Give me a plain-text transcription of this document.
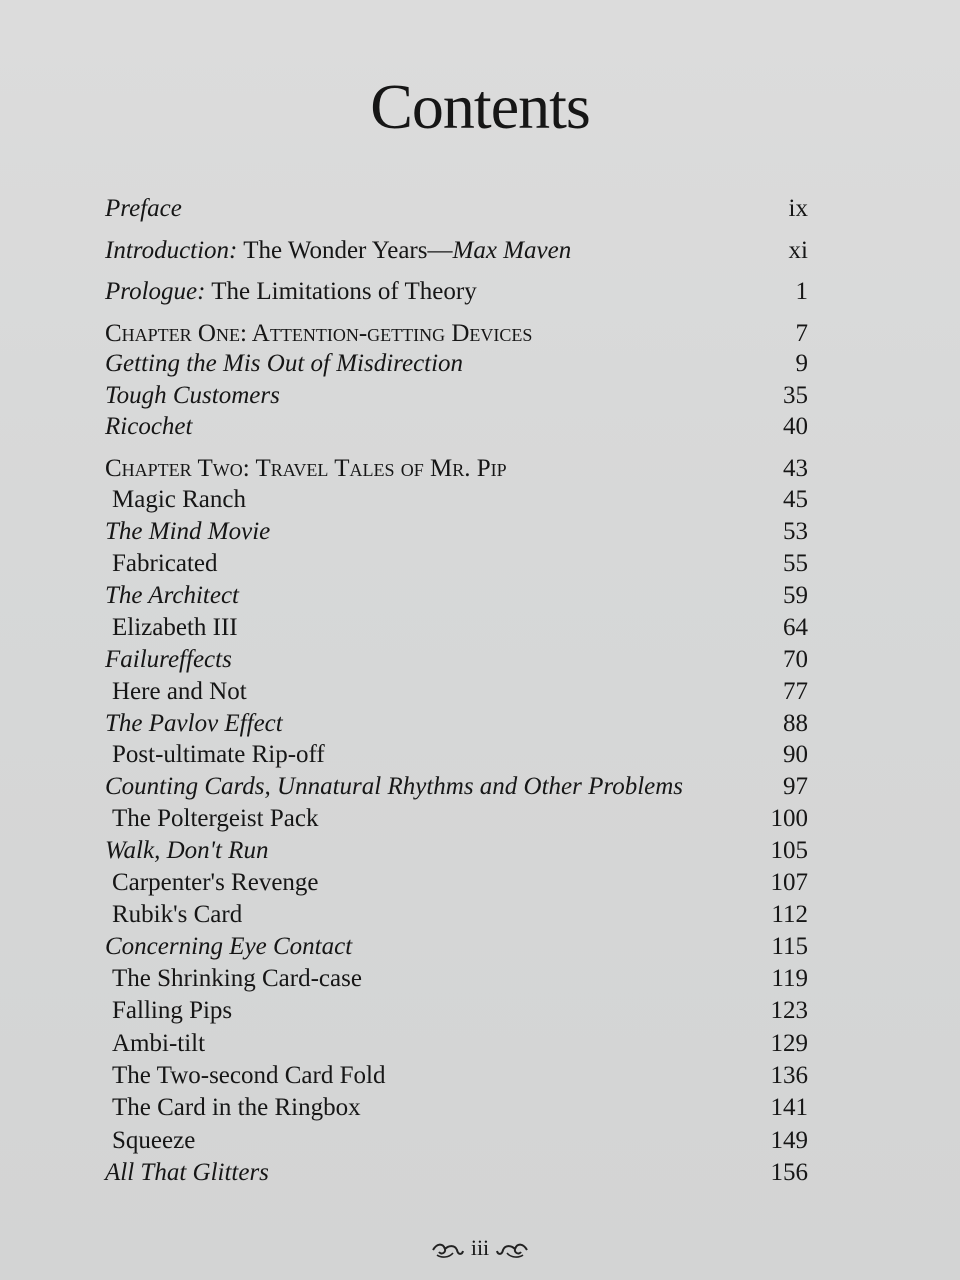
Contents
Preface	ix
Introduction: The Wonder Years—Max Maven	xi
Prologue: The Limitations of Theory	1
Chapter One: Attention-getting Devices	7
Getting the Mis Out of Misdirection	9
Tough Customers	35
Ricochet	40
Chapter Two: Travel Tales of Mr. Pip	43
Magic Ranch	45
The Mind Movie	53
Fabricated	55
The Architect	59
Elizabeth III	64
Failureffects	70
Here and Not	77
The Pavlov Effect	88
Post-ultimate Rip-off	90
Counting Cards, Unnatural Rhythms and Other Problems	97
The Poltergeist Pack	100
Walk, Don't Run	105
Carpenter's Revenge	107
Rubik's Card	112
Concerning Eye Contact	115
The Shrinking Card-case	119
Falling Pips	123
Ambi-tilt	129
The Two-second Card Fold	136
The Card in the Ringbox	141
Squeeze	149
All That Glitters	156
iii
